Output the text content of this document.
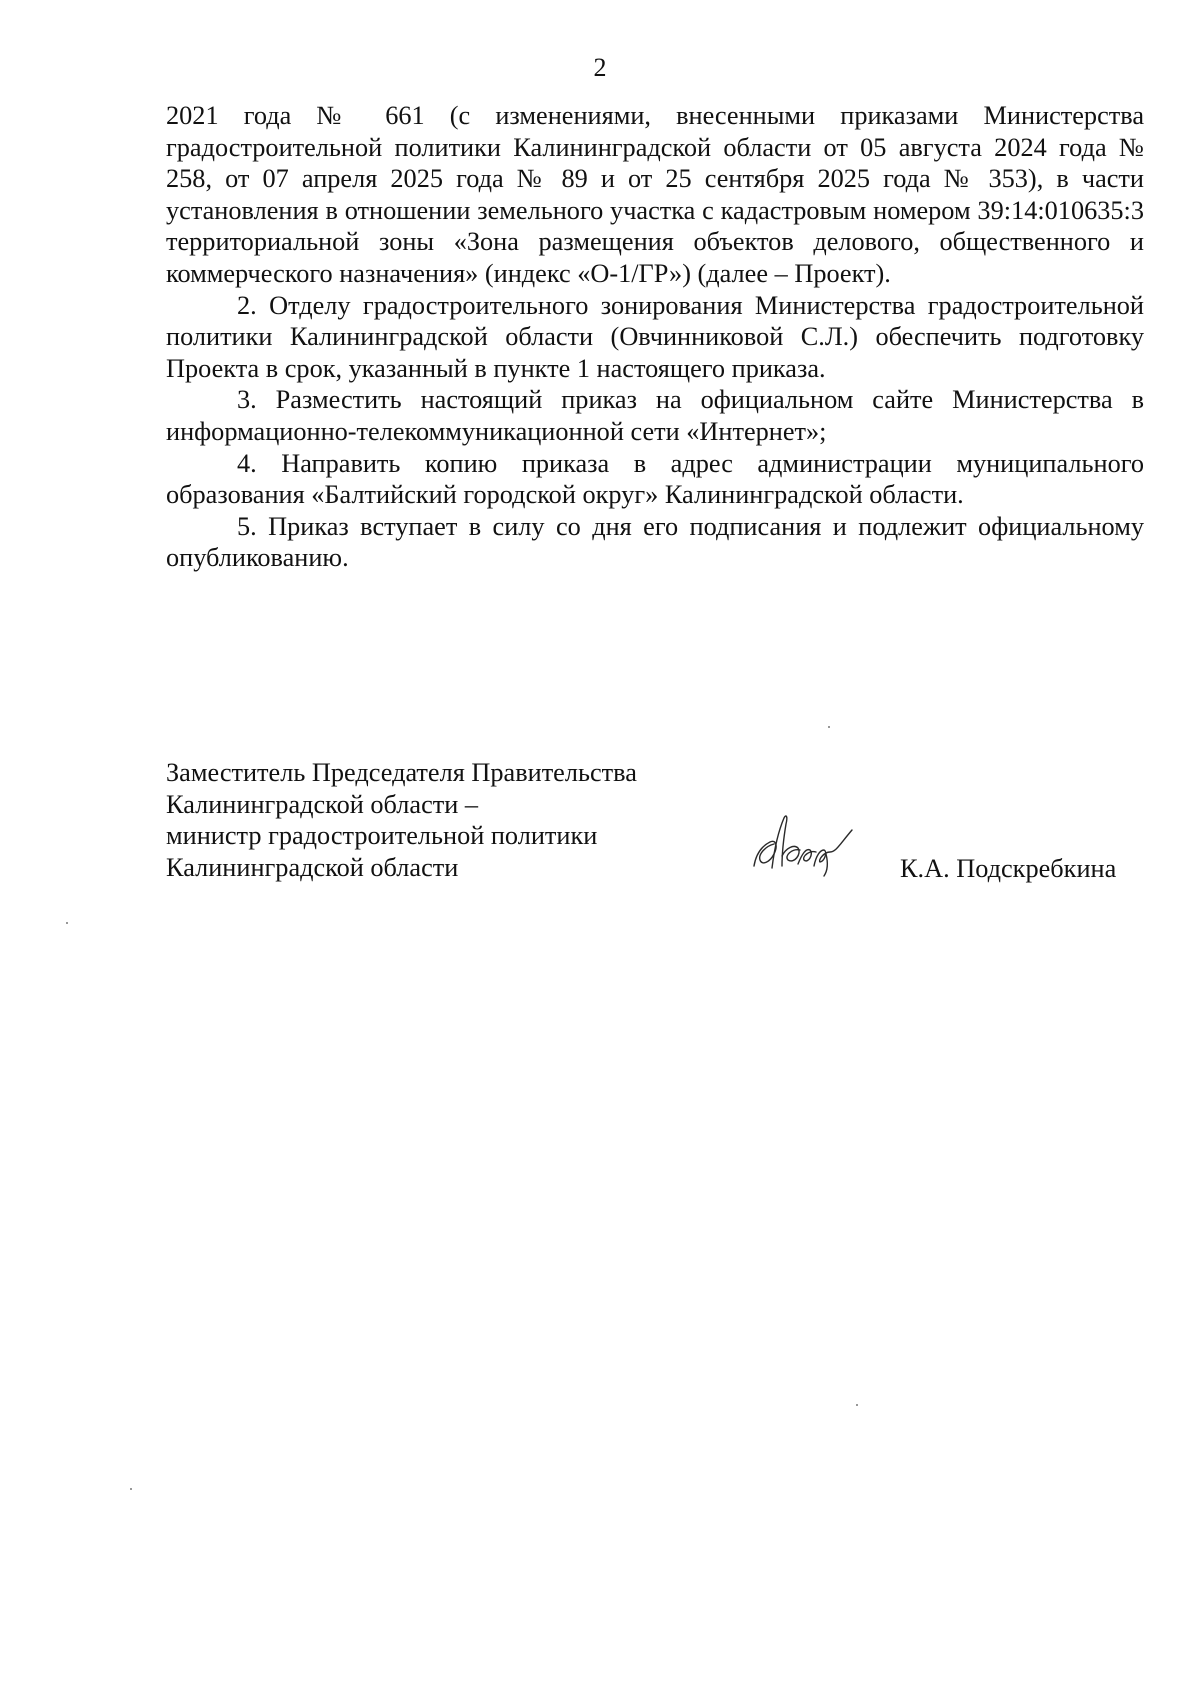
2

2021 года № 661 (с изменениями, внесенными приказами Министерства градостроительной политики Калининградской области от 05 августа 2024 года № 258, от 07 апреля 2025 года № 89 и от 25 сентября 2025 года № 353), в части установления в отношении земельного участка с кадастровым номером 39:14:010635:3 территориальной зоны «Зона размещения объектов делового, общественного и коммерческого назначения» (индекс «О-1/ГР») (далее – Проект).

2. Отделу градостроительного зонирования Министерства градостроительной политики Калининградской области (Овчинниковой С.Л.) обеспечить подготовку Проекта в срок, указанный в пункте 1 настоящего приказа.

3. Разместить настоящий приказ на официальном сайте Министерства в информационно-телекоммуникационной сети «Интернет»;

4. Направить копию приказа в адрес администрации муниципального образования «Балтийский городской округ» Калининградской области.

5. Приказ вступает в силу со дня его подписания и подлежит официальному опубликованию.

Заместитель Председателя Правительства
Калининградской области –
министр градостроительной политики
Калининградской области	К.А. Подскребкина
